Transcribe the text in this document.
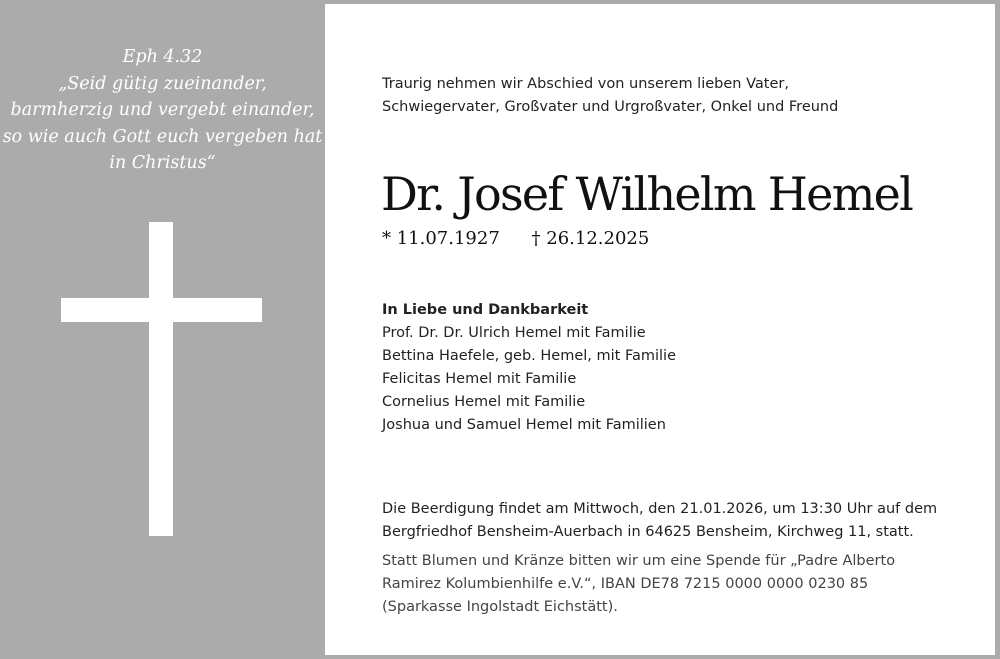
Eph 4.32
„Seid gütig zueinander,
barmherzig und vergebt einander,
so wie auch Gott euch vergeben hat
in Christus“
Traurig nehmen wir Abschied von unserem lieben Vater,
Schwiegervater, Großvater und Urgroßvater, Onkel und Freund
Dr. Josef Wilhelm Hemel
* 11.07.1927 † 26.12.2025
In Liebe und Dankbarkeit
Prof. Dr. Dr. Ulrich Hemel mit Familie
Bettina Haefele, geb. Hemel, mit Familie
Felicitas Hemel mit Familie
Cornelius Hemel mit Familie
Joshua und Samuel Hemel mit Familien
Die Beerdigung findet am Mittwoch, den 21.01.2026, um 13:30 Uhr auf dem
Bergfriedhof Bensheim-Auerbach in 64625 Bensheim, Kirchweg 11, statt.
Statt Blumen und Kränze bitten wir um eine Spende für „Padre Alberto
Ramirez Kolumbienhilfe e.V.“, IBAN DE78 7215 0000 0000 0230 85
(Sparkasse Ingolstadt Eichstätt).
